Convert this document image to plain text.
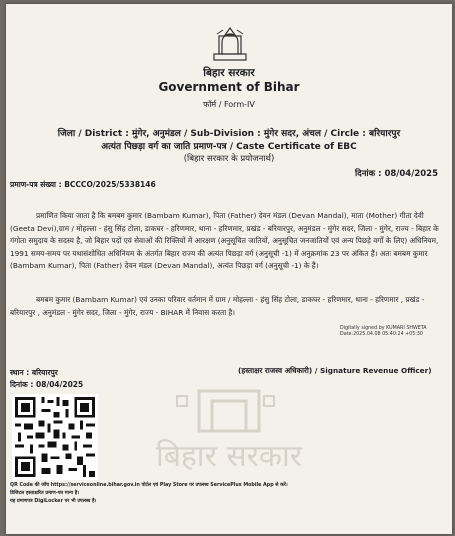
बिहार सरकार
Government of Bihar
फॉर्म / Form-IV
जिला / District : मुंगेर, अनुमंडल / Sub-Division : मुंगेर सदर, अंचल / Circle : बरियारपुर
अत्यंत पिछड़ा वर्ग का जाति प्रमाण-पत्र / Caste Certificate of EBC
(बिहार सरकार के प्रयोजनार्थ)
दिनांक : 08/04/2025
प्रमाण-पत्र संख्या : BCCCO/2025/5338146
बिहार सरकार
प्रमाणित किया जाता है कि बमबम कुमार (Bambam Kumar), पिता (Father) देवन मंडल (Devan Mandal), माता (Mother) गीता देवी (Geeta Devi),ग्राम / मोहल्ला - हंसु सिंह टोला, डाकघर - हरिणमार, थाना - हरिणमार, प्रखंड - बरियारपुर, अनुमंडल - मुंगेर सदर, जिला - मुंगेर, राज्य - बिहार के गंगोता समुदाय के सदस्य है, जो बिहार पदों एवं सेवाओं की रिक्तियों में आरक्षण (अनुसूचित जातियों, अनुसूचित जनजातियों एवं अन्य पिछड़े वर्गों के लिए) अधिनियम, 1991 समय-समय पर यथासंशोधित अधिनियम के अंतर्गत बिहार राज्य की अत्यंत पिछड़ा वर्ग (अनुसूची -1) में अनुक्रमांक 23 पर अंकित हैं। अतः बमबम कुमार (Bambam Kumar), पिता (Father) देवन मंडल (Devan Mandal), अत्यंत पिछड़ा वर्ग (अनुसूची -1) के हैं।
बमबम कुमार (Bambam Kumar) एवं उनका परिवार वर्तमान में ग्राम / मोहल्ला - हंसु सिंह टोला, डाकघर - हरिणमार, थाना - हरिणमार , प्रखंड - बरियारपुर , अनुमंडल - मुंगेर सदर, जिला - मुंगेर, राज्य - BIHAR में निवास करता है।
Digitally signed by KUMARI SHWETA
Date:2025.04.08 05:40:24 +05:30
स्थान : बरियारपुर
दिनांक : 08/04/2025
(हस्ताक्षर राजस्व अधिकारी) / Signature Revenue Officer)
QR Code की जाँच https://serviceonline.bihar.gov.in पोर्टल एवं Play Store पर उपलब्ध ServicePlus Mobile App से करें।
डिजिटल हस्ताक्षरित प्रमाण-पत्र मान्य है।
यह प्रमाणपत्र DigiLocker पर भी उपलब्ध है।
